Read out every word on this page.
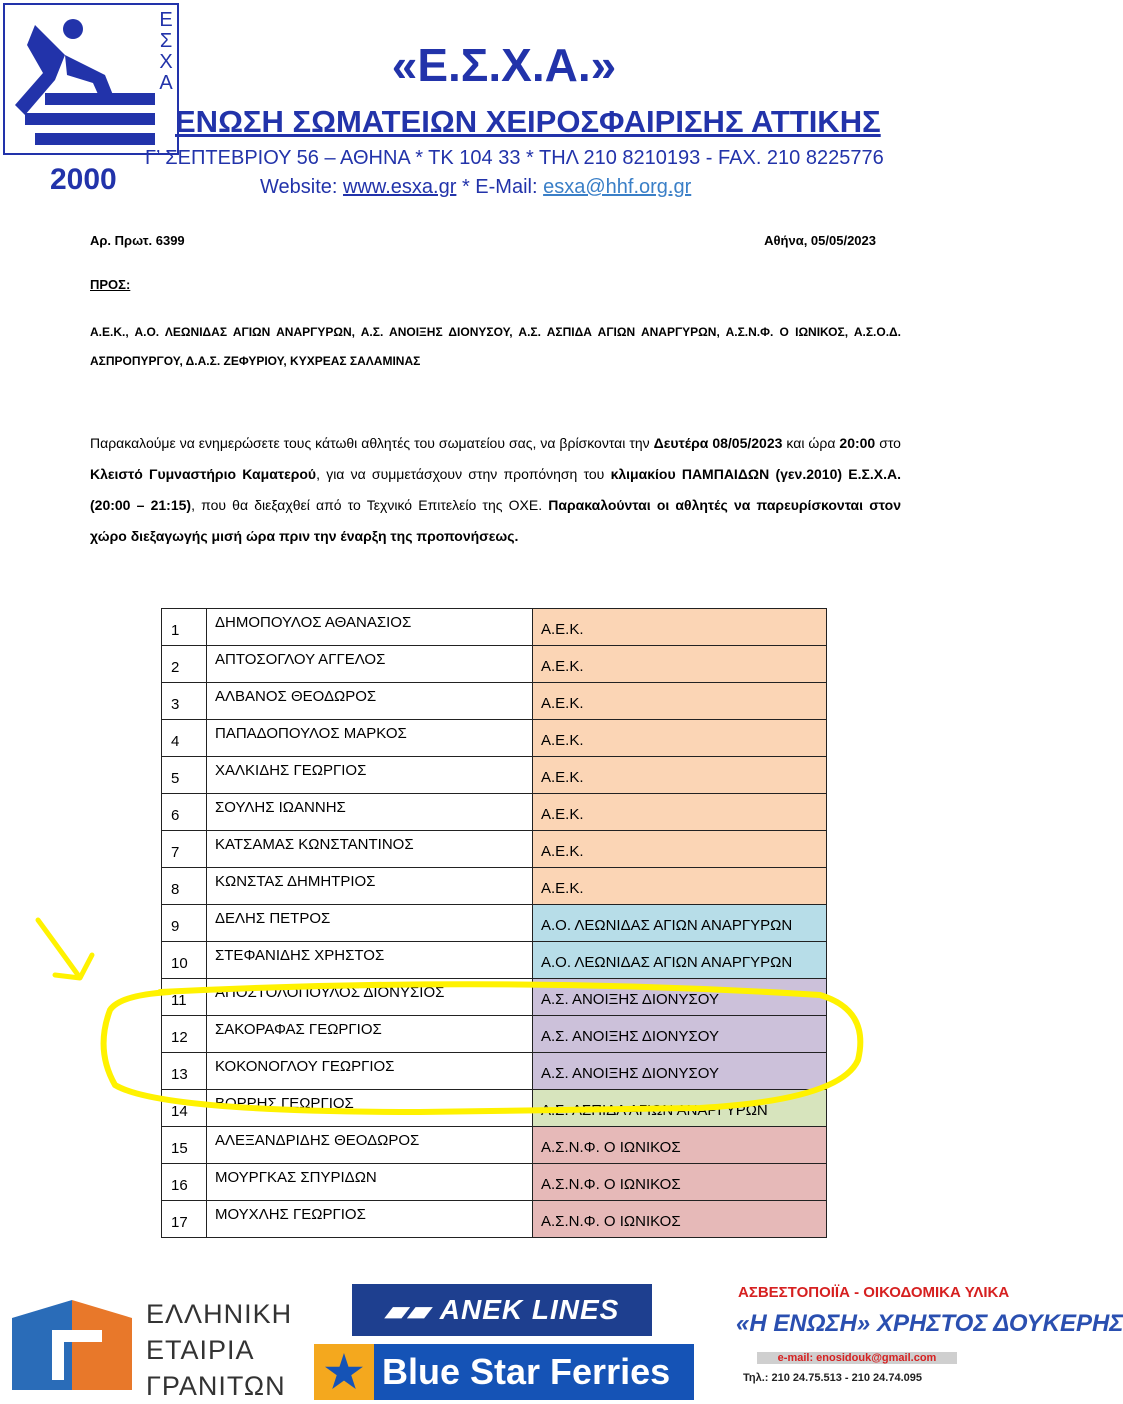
Ε
Σ
Χ
Α
2000
«Ε.Σ.Χ.Α.»
ΕΝΩΣΗ ΣΩΜΑΤΕΙΩΝ ΧΕΙΡΟΣΦΑΙΡΙΣΗΣ ΑΤΤΙΚΗΣ
Γ’ ΣΕΠΤΕΒΡΙΟΥ 56 – ΑΘΗΝΑ * ΤΚ 104 33 * ΤΗΛ 210 8210193 - FAX. 210 8225776
Website: www.esxa.gr * E-Mail: esxa@hhf.org.gr
Αρ. Πρωτ. 6399	Αθήνα, 05/05/2023
ΠΡΟΣ:
Α.Ε.Κ., Α.Ο. ΛΕΩΝΙΔΑΣ ΑΓΙΩΝ ΑΝΑΡΓΥΡΩΝ, Α.Σ. ΑΝΟΙΞΗΣ ΔΙΟΝΥΣΟΥ, Α.Σ. ΑΣΠΙΔΑ ΑΓΙΩΝ ΑΝΑΡΓΥΡΩΝ, Α.Σ.Ν.Φ. Ο ΙΩΝΙΚΟΣ, Α.Σ.Ο.Δ. ΑΣΠΡΟΠΥΡΓΟΥ, Δ.Α.Σ. ΖΕΦΥΡΙΟΥ, ΚΥΧΡΕΑΣ ΣΑΛΑΜΙΝΑΣ
Παρακαλούμε να ενημερώσετε τους κάτωθι αθλητές του σωματείου σας, να βρίσκονται την Δευτέρα 08/05/2023 και ώρα 20:00 στο Κλειστό Γυμναστήριο Καματερού, για να συμμετάσχουν στην προπόνηση του κλιμακίου ΠΑΜΠΑΙΔΩΝ (γεν.2010) Ε.Σ.Χ.Α. (20:00 – 21:15), που θα διεξαχθεί από το Τεχνικό Επιτελείο της ΟΧΕ. Παρακαλούνται οι αθλητές να παρευρίσκονται στον χώρο διεξαγωγής μισή ώρα πριν την έναρξη της προπονήσεως.
1	ΔΗΜΟΠΟΥΛΟΣ ΑΘΑΝΑΣΙΟΣ	Α.Ε.Κ.
2	ΑΠΤΟΣΟΓΛΟΥ ΑΓΓΕΛΟΣ	Α.Ε.Κ.
3	ΑΛΒΑΝΟΣ ΘΕΟΔΩΡΟΣ	Α.Ε.Κ.
4	ΠΑΠΑΔΟΠΟΥΛΟΣ ΜΑΡΚΟΣ	Α.Ε.Κ.
5	ΧΑΛΚΙΔΗΣ ΓΕΩΡΓΙΟΣ	Α.Ε.Κ.
6	ΣΟΥΛΗΣ ΙΩΑΝΝΗΣ	Α.Ε.Κ.
7	ΚΑΤΣΑΜΑΣ ΚΩΝΣΤΑΝΤΙΝΟΣ	Α.Ε.Κ.
8	ΚΩΝΣΤΑΣ ΔΗΜΗΤΡΙΟΣ	Α.Ε.Κ.
9	ΔΕΛΗΣ ΠΕΤΡΟΣ	Α.Ο. ΛΕΩΝΙΔΑΣ ΑΓΙΩΝ ΑΝΑΡΓΥΡΩΝ
10	ΣΤΕΦΑΝΙΔΗΣ ΧΡΗΣΤΟΣ	Α.Ο. ΛΕΩΝΙΔΑΣ ΑΓΙΩΝ ΑΝΑΡΓΥΡΩΝ
11	ΑΠΟΣΤΟΛΟΠΟΥΛΟΣ ΔΙΟΝΥΣΙΟΣ	Α.Σ. ΑΝΟΙΞΗΣ ΔΙΟΝΥΣΟΥ
12	ΣΑΚΟΡΑΦΑΣ ΓΕΩΡΓΙΟΣ	Α.Σ. ΑΝΟΙΞΗΣ ΔΙΟΝΥΣΟΥ
13	ΚΟΚΟΝΟΓΛΟΥ ΓΕΩΡΓΙΟΣ	Α.Σ. ΑΝΟΙΞΗΣ ΔΙΟΝΥΣΟΥ
14	ΒΟΡΡΗΣ ΓΕΩΡΓΙΟΣ	Α.Σ. ΑΣΠΙΔΑ ΑΓΙΩΝ ΑΝΑΡΓΥΡΩΝ
15	ΑΛΕΞΑΝΔΡΙΔΗΣ ΘΕΟΔΩΡΟΣ	Α.Σ.Ν.Φ. Ο ΙΩΝΙΚΟΣ
16	ΜΟΥΡΓΚΑΣ ΣΠΥΡΙΔΩΝ	Α.Σ.Ν.Φ. Ο ΙΩΝΙΚΟΣ
17	ΜΟΥΧΛΗΣ ΓΕΩΡΓΙΟΣ	Α.Σ.Ν.Φ. Ο ΙΩΝΙΚΟΣ
ΕΛΛΗΝΙΚΗ
ΕΤΑΙΡΙΑ
ΓΡΑΝΙΤΩΝ
▰▰ ANEK LINES
★ Blue Star Ferries
ΑΣΒΕΣΤΟΠΟΙΪΑ - ΟΙΚΟΔΟΜΙΚΑ ΥΛΙΚΑ
«Η ΕΝΩΣΗ» ΧΡΗΣΤΟΣ ΔΟΥΚΕΡΗΣ
e-mail: enosidouk@gmail.com
Τηλ.: 210 24.75.513 - 210 24.74.095
